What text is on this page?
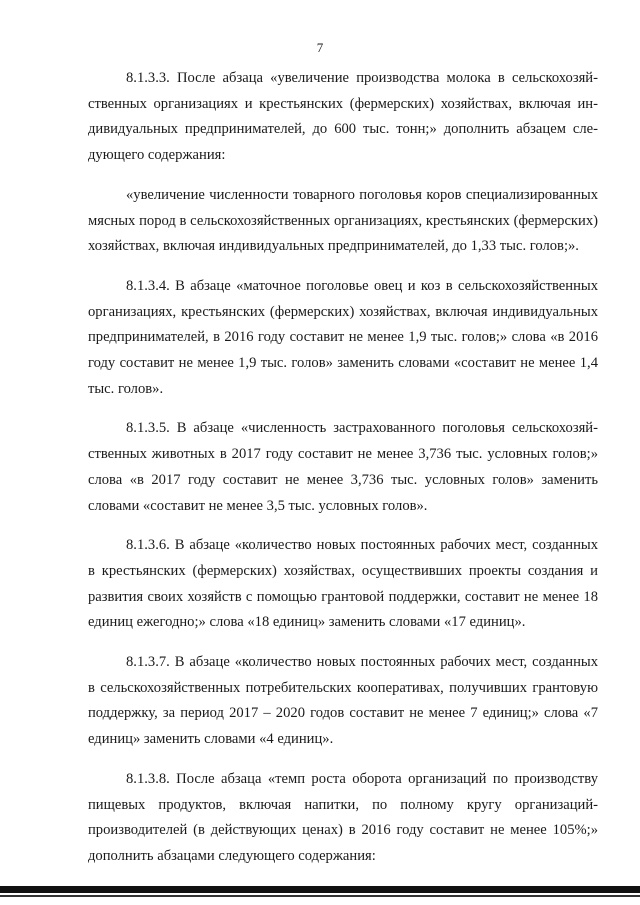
7

8.1.3.3. После абзаца «увеличение производства молока в сельскохозяйственных организациях и крестьянских (фермерских) хозяйствах, включая индивидуальных предпринимателей, до 600 тыс. тонн;» дополнить абзацем следующего содержания:

«увеличение численности товарного поголовья коров специализированных мясных пород в сельскохозяйственных организациях, крестьянских (фермерских) хозяйствах, включая индивидуальных предпринимателей, до 1,33 тыс. голов;».

8.1.3.4. В абзаце «маточное поголовье овец и коз в сельскохозяйственных организациях, крестьянских (фермерских) хозяйствах, включая индивидуальных предпринимателей, в 2016 году составит не менее 1,9 тыс. голов;» слова «в 2016 году составит не менее 1,9 тыс. голов» заменить словами «составит не менее 1,4 тыс. голов».

8.1.3.5. В абзаце «численность застрахованного поголовья сельскохозяйственных животных в 2017 году составит не менее 3,736 тыс. условных голов;» слова «в 2017 году составит не менее 3,736 тыс. условных голов» заменить словами «составит не менее 3,5 тыс. условных голов».

8.1.3.6. В абзаце «количество новых постоянных рабочих мест, созданных в крестьянских (фермерских) хозяйствах, осуществивших проекты создания и развития своих хозяйств с помощью грантовой поддержки, составит не менее 18 единиц ежегодно;» слова «18 единиц» заменить словами «17 единиц».

8.1.3.7. В абзаце «количество новых постоянных рабочих мест, созданных в сельскохозяйственных потребительских кооперативах, получивших грантовую поддержку, за период 2017 – 2020 годов составит не менее 7 единиц;» слова «7 единиц» заменить словами «4 единиц».

8.1.3.8. После абзаца «темп роста оборота организаций по производству пищевых продуктов, включая напитки, по полному кругу организаций-производителей (в действующих ценах) в 2016 году составит не менее 105%;» дополнить абзацами следующего содержания:
